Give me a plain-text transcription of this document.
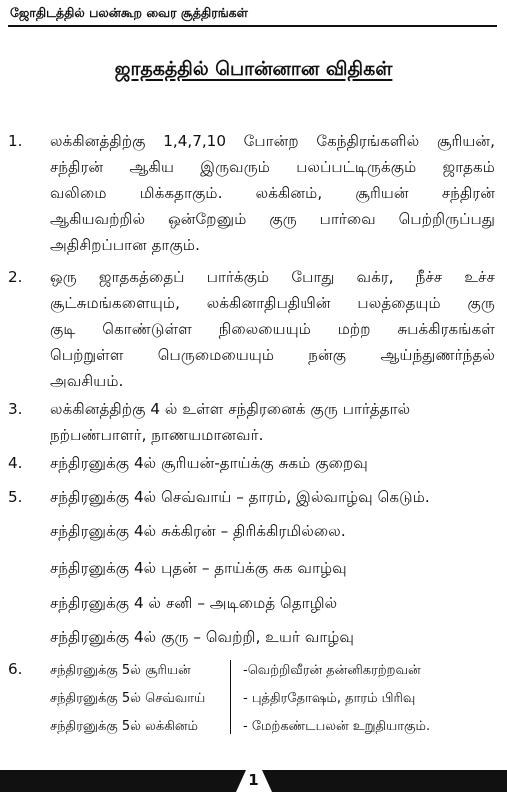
ஜோதிடத்தில் பலன்கூற வைர சூத்திரங்கள்
ஜாதகத்தில் பொன்னான விதிகள்
1.	லக்கினத்திற்கு 1,4,7,10 போன்ற கேந்திரங்களில் சூரியன்,
சந்திரன் ஆகிய இருவரும் பலப்பட்டிருக்கும் ஜாதகம்
வலிமை மிக்கதாகும். லக்கினம், சூரியன் சந்திரன்
ஆகியவற்றில் ஒன்றேனும் குரு பார்வை பெற்றிருப்பது
அதிசிறப்பான தாகும்.
2.	ஒரு ஜாதகத்தைப் பார்க்கும் போது வக்ர, நீச்ச உச்ச
சூட்சுமங்களையும், லக்கினாதிபதியின் பலத்தையும் குரு
குடி கொண்டுள்ள நிலையையும் மற்ற சுபக்கிரகங்கள்
பெற்றுள்ள பெருமையையும் நன்கு ஆய்ந்துணர்ந்தல்
அவசியம்.
3.	லக்கினத்திற்கு 4 ல் உள்ள சந்திரனைக் குரு பார்த்தால்
நற்பண்பாளர், நாணயமானவர்.
4.	சந்திரனுக்கு 4ல் சூரியன்-தாய்க்கு சுகம் குறைவு
5.	சந்திரனுக்கு 4ல் செவ்வாய் – தாரம், இல்வாழ்வு கெடும்.
சந்திரனுக்கு 4ல் சுக்கிரன் – திரிக்கிரமில்லை.
சந்திரனுக்கு 4ல் புதன் – தாய்க்கு சுக வாழ்வு
சந்திரனுக்கு 4 ல் சனி – அடிமைத் தொழில்
சந்திரனுக்கு 4ல் குரு – வெற்றி, உயர் வாழ்வு
6.	சந்திரனுக்கு 5ல் சூரியன்	-வெற்றிவீரன் தன்னிகரற்றவன்
சந்திரனுக்கு 5ல் செவ்வாய்	- புத்திரதோஷம், தாரம் பிரிவு
சந்திரனுக்கு 5ல் லக்கினம்	- மேற்கண்டபலன் உறுதியாகும்.
1
